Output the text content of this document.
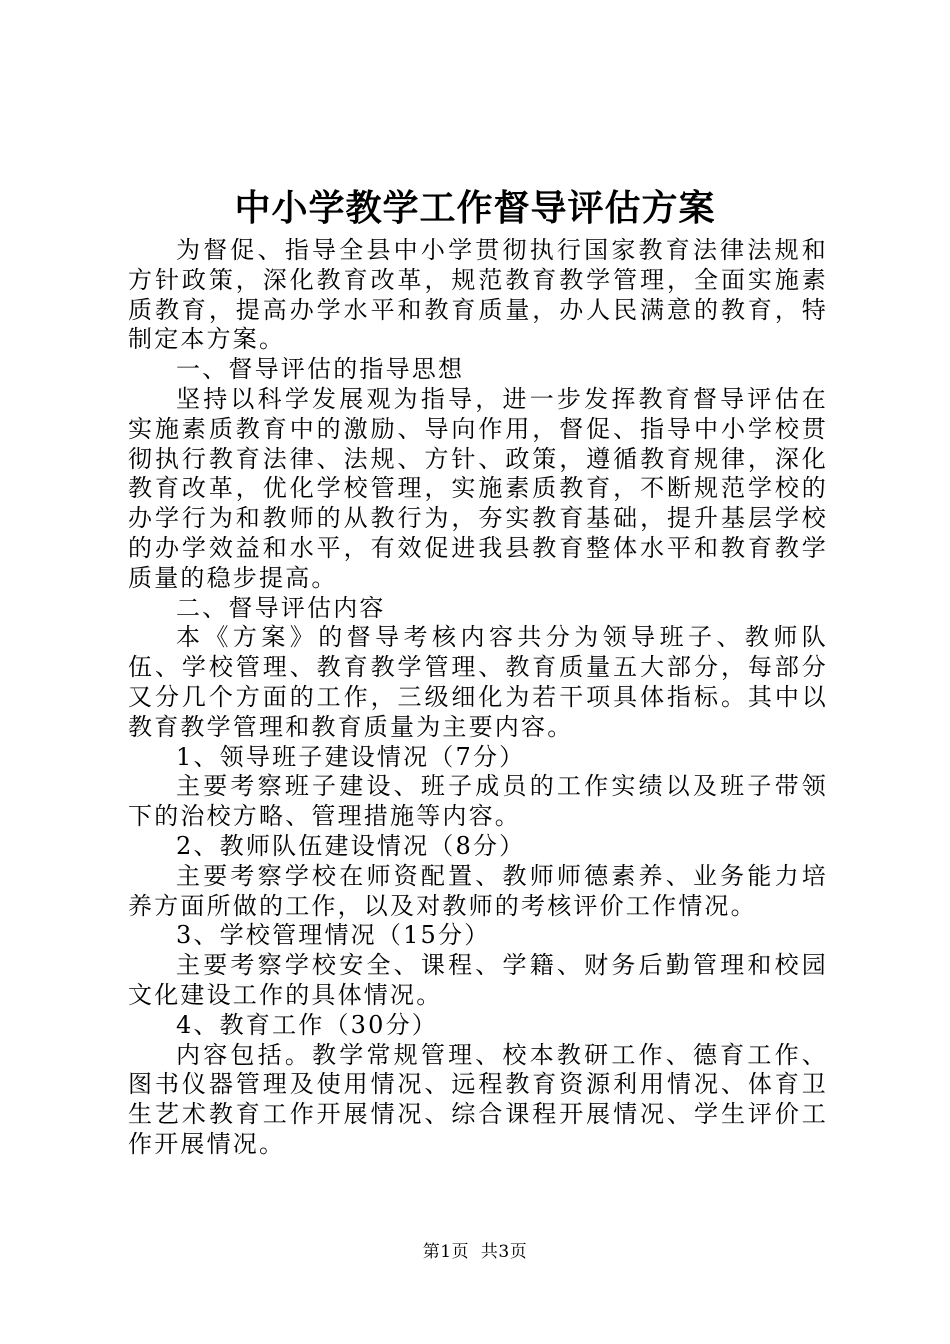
中小学教学工作督导评估方案

为督促、指导全县中小学贯彻执行国家教育法律法规和方针政策，深化教育改革，规范教育教学管理，全面实施素质教育，提高办学水平和教育质量，办人民满意的教育，特制定本方案。

一、督导评估的指导思想

坚持以科学发展观为指导，进一步发挥教育督导评估在实施素质教育中的激励、导向作用，督促、指导中小学校贯彻执行教育法律、法规、方针、政策，遵循教育规律，深化教育改革，优化学校管理，实施素质教育，不断规范学校的办学行为和教师的从教行为，夯实教育基础，提升基层学校的办学效益和水平，有效促进我县教育整体水平和教育教学质量的稳步提高。

二、督导评估内容

本《方案》的督导考核内容共分为领导班子、教师队伍、学校管理、教育教学管理、教育质量五大部分，每部分又分几个方面的工作，三级细化为若干项具体指标。其中以教育教学管理和教育质量为主要内容。

1、领导班子建设情况（7分）

主要考察班子建设、班子成员的工作实绩以及班子带领下的治校方略、管理措施等内容。

2、教师队伍建设情况（8分）

主要考察学校在师资配置、教师师德素养、业务能力培养方面所做的工作，以及对教师的考核评价工作情况。

3、学校管理情况（15分）

主要考察学校安全、课程、学籍、财务后勤管理和校园文化建设工作的具体情况。

4、教育工作（30分）

内容包括。教学常规管理、校本教研工作、德育工作、图书仪器管理及使用情况、远程教育资源利用情况、体育卫生艺术教育工作开展情况、综合课程开展情况、学生评价工作开展情况。

第1页 共3页
